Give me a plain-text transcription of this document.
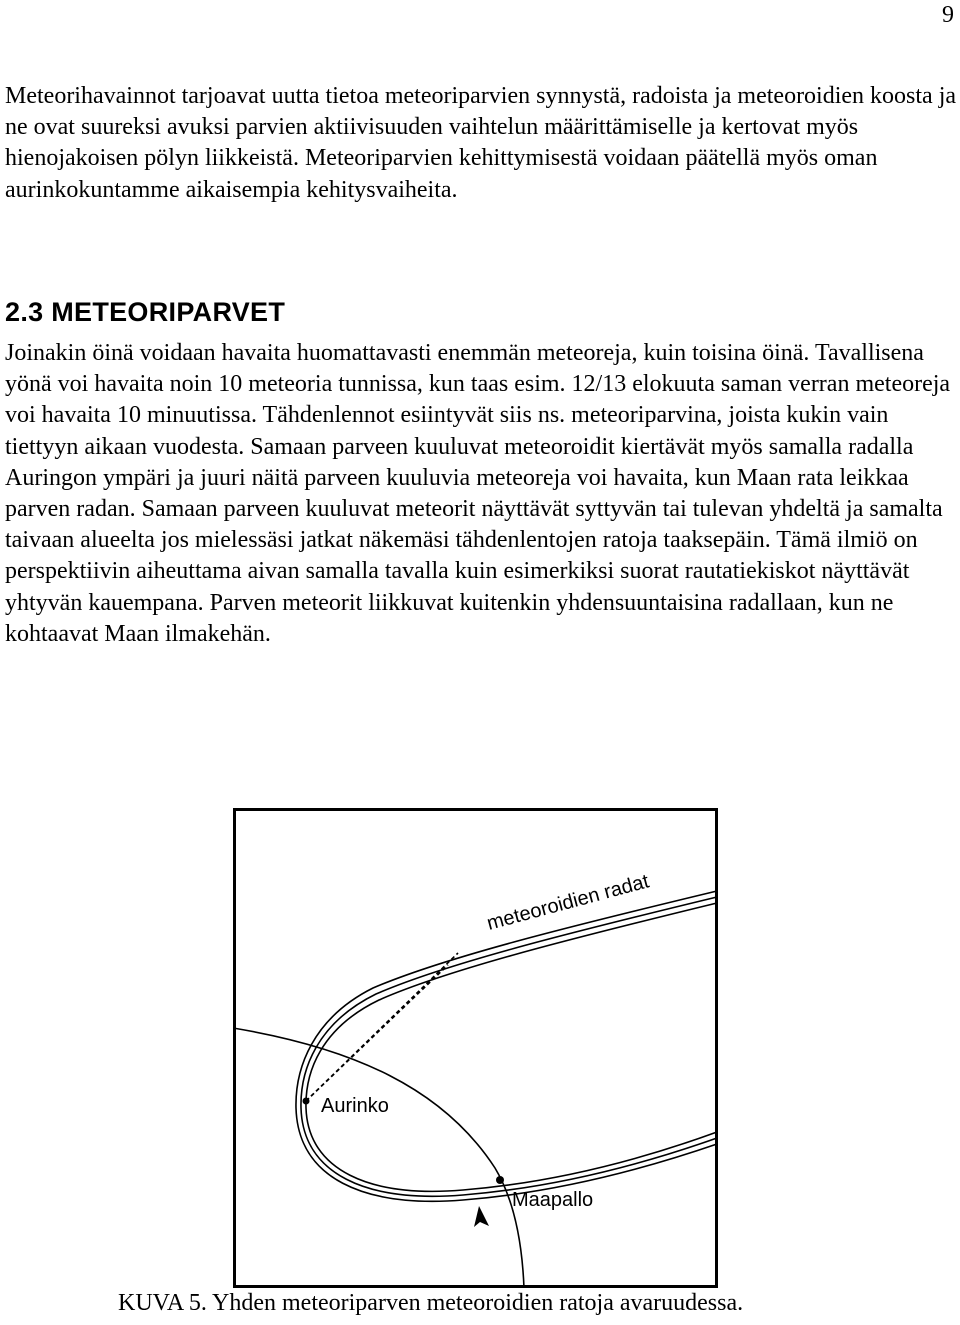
9

Meteorihavainnot tarjoavat uutta tietoa meteoriparvien synnystä, radoista ja meteoroidien koosta ja ne ovat suureksi avuksi parvien aktiivisuuden vaihtelun määrittämiselle ja kertovat myös hienojakoisen pölyn liikkeistä. Meteoriparvien kehittymisestä voidaan päätellä myös oman aurinkokuntamme aikaisempia kehitysvaiheita.

2.3 METEORIPARVET

Joinakin öinä voidaan havaita huomattavasti enemmän meteoreja, kuin toisina öinä. Tavallisena yönä voi havaita noin 10 meteoria tunnissa, kun taas esim. 12/13 elokuuta saman verran meteoreja voi havaita 10 minuutissa. Tähdenlennot esiintyvät siis ns. meteoriparvina, joista kukin vain tiettyyn aikaan vuodesta. Samaan parveen kuuluvat meteoroidit kiertävät myös samalla radalla Auringon ympäri ja juuri näitä parveen kuuluvia meteoreja voi havaita, kun Maan rata leikkaa parven radan. Samaan parveen kuuluvat meteorit näyttävät syttyvän tai tulevan yhdeltä ja samalta taivaan alueelta jos mielessäsi jatkat näkemäsi tähdenlentojen ratoja taaksepäin. Tämä ilmiö on perspektiivin aiheuttama aivan samalla tavalla kuin esimerkiksi suorat rautatiekiskot näyttävät yhtyvän kauempana. Parven meteorit liikkuvat kuitenkin yhdensuuntaisina radallaan, kun ne kohtaavat Maan ilmakehän.

meteoroidien radat
Aurinko
Maapallo

KUVA 5. Yhden meteoriparven meteoroidien ratoja avaruudessa.
